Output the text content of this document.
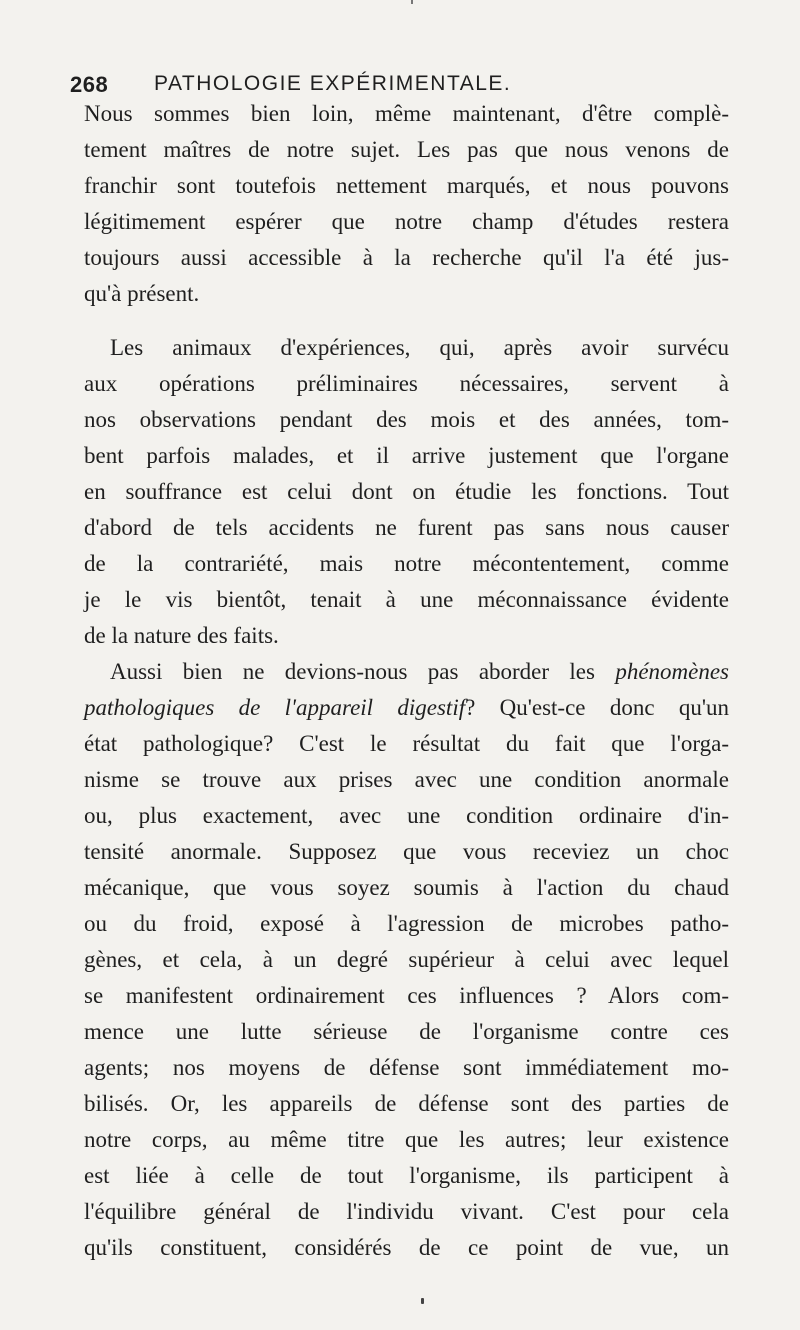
268 PATHOLOGIE EXPÉRIMENTALE.
Nous sommes bien loin, même maintenant, d'être complè-
tement maîtres de notre sujet. Les pas que nous venons de
franchir sont toutefois nettement marqués, et nous pouvons
légitimement espérer que notre champ d'études restera
toujours aussi accessible à la recherche qu'il l'a été jus-
qu'à présent.
Les animaux d'expériences, qui, après avoir survécu
aux opérations préliminaires nécessaires, servent à
nos observations pendant des mois et des années, tom-
bent parfois malades, et il arrive justement que l'organe
en souffrance est celui dont on étudie les fonctions. Tout
d'abord de tels accidents ne furent pas sans nous causer
de la contrariété, mais notre mécontentement, comme
je le vis bientôt, tenait à une méconnaissance évidente
de la nature des faits.
Aussi bien ne devions-nous pas aborder les phénomènes
pathologiques de l'appareil digestif? Qu'est-ce donc qu'un
état pathologique? C'est le résultat du fait que l'orga-
nisme se trouve aux prises avec une condition anormale
ou, plus exactement, avec une condition ordinaire d'in-
tensité anormale. Supposez que vous receviez un choc
mécanique, que vous soyez soumis à l'action du chaud
ou du froid, exposé à l'agression de microbes patho-
gènes, et cela, à un degré supérieur à celui avec lequel
se manifestent ordinairement ces influences ? Alors com-
mence une lutte sérieuse de l'organisme contre ces
agents; nos moyens de défense sont immédiatement mo-
bilisés. Or, les appareils de défense sont des parties de
notre corps, au même titre que les autres; leur existence
est liée à celle de tout l'organisme, ils participent à
l'équilibre général de l'individu vivant. C'est pour cela
qu'ils constituent, considérés de ce point de vue, un
